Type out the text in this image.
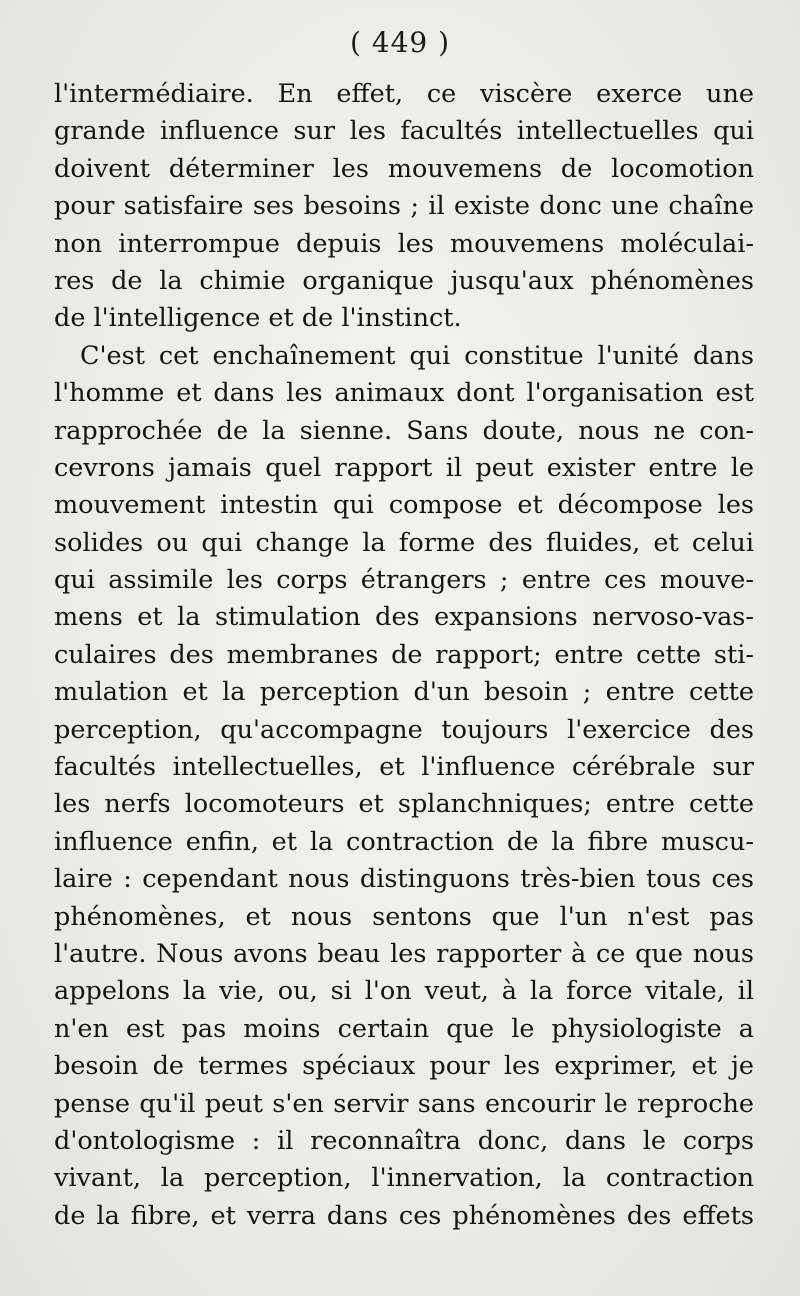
( 449 )
l'intermédiaire. En effet, ce viscère exerce une
grande influence sur les facultés intellectuelles qui
doivent déterminer les mouvemens de locomotion
pour satisfaire ses besoins ; il existe donc une chaîne
non interrompue depuis les mouvemens moléculai-
res de la chimie organique jusqu'aux phénomènes
de l'intelligence et de l'instinct.
C'est cet enchaînement qui constitue l'unité dans
l'homme et dans les animaux dont l'organisation est
rapprochée de la sienne. Sans doute, nous ne con-
cevrons jamais quel rapport il peut exister entre le
mouvement intestin qui compose et décompose les
solides ou qui change la forme des fluides, et celui
qui assimile les corps étrangers ; entre ces mouve-
mens et la stimulation des expansions nervoso-vas-
culaires des membranes de rapport; entre cette sti-
mulation et la perception d'un besoin ; entre cette
perception, qu'accompagne toujours l'exercice des
facultés intellectuelles, et l'influence cérébrale sur
les nerfs locomoteurs et splanchniques; entre cette
influence enfin, et la contraction de la fibre muscu-
laire : cependant nous distinguons très-bien tous ces
phénomènes, et nous sentons que l'un n'est pas
l'autre. Nous avons beau les rapporter à ce que nous
appelons la vie, ou, si l'on veut, à la force vitale, il
n'en est pas moins certain que le physiologiste a
besoin de termes spéciaux pour les exprimer, et je
pense qu'il peut s'en servir sans encourir le reproche
d'ontologisme : il reconnaîtra donc, dans le corps
vivant, la perception, l'innervation, la contraction
de la fibre, et verra dans ces phénomènes des effets
